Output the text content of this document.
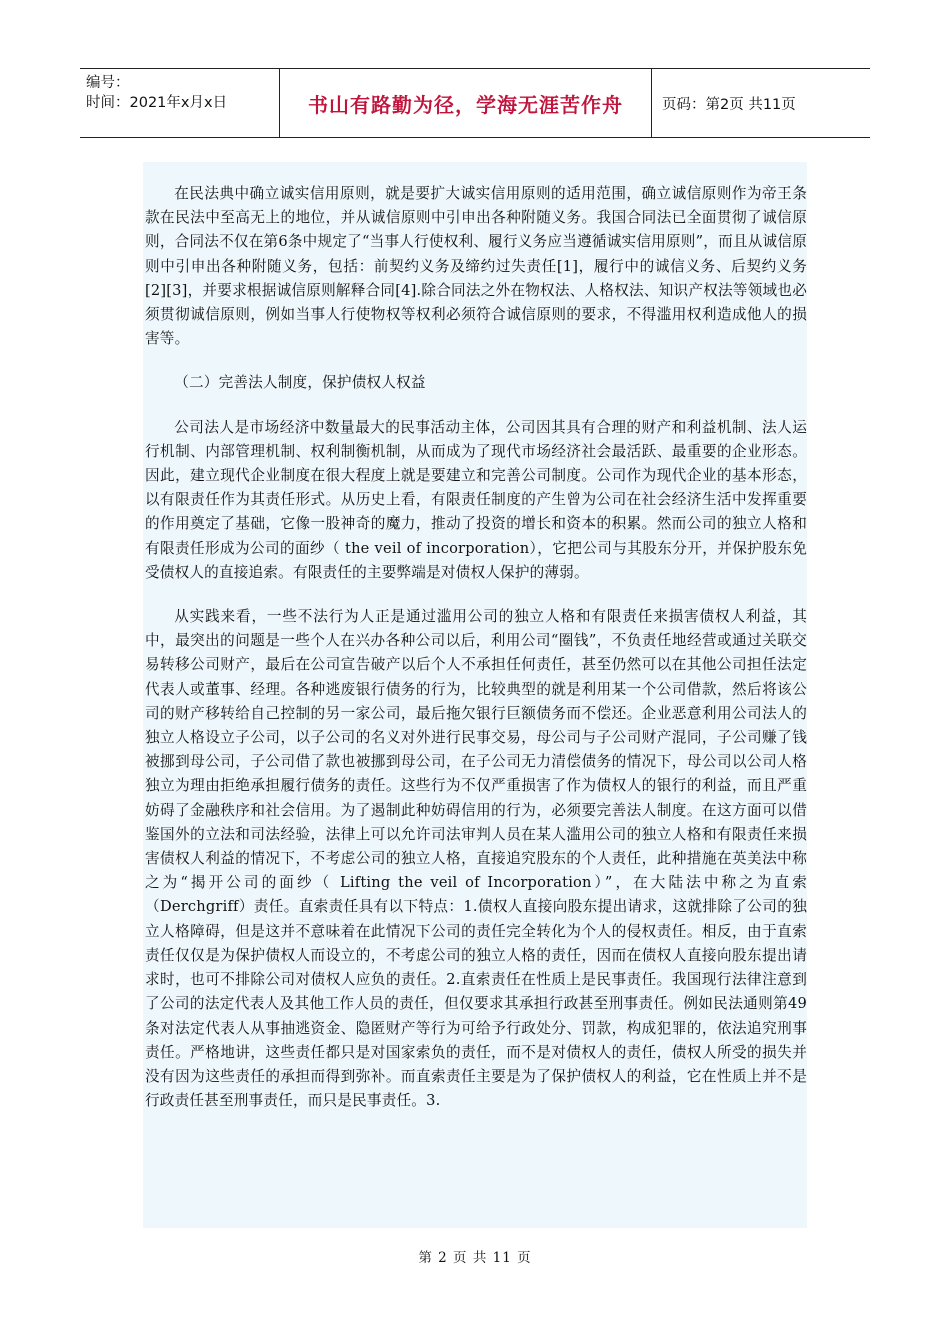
编号：
时间：2021年x月x日	书山有路勤为径，学海无涯苦作舟	页码：第2页 共11页

在民法典中确立诚实信用原则，就是要扩大诚实信用原则的适用范围，确立诚信原则作为帝王条款在民法中至高无上的地位，并从诚信原则中引申出各种附随义务。我国合同法已全面贯彻了诚信原则，合同法不仅在第6条中规定了“当事人行使权利、履行义务应当遵循诚实信用原则”，而且从诚信原则中引申出各种附随义务，包括：前契约义务及缔约过失责任[1]，履行中的诚信义务、后契约义务[2][3]，并要求根据诚信原则解释合同[4].除合同法之外在物权法、人格权法、知识产权法等领域也必须贯彻诚信原则，例如当事人行使物权等权利必须符合诚信原则的要求，不得滥用权利造成他人的损害等。

（二）完善法人制度，保护债权人权益

公司法人是市场经济中数量最大的民事活动主体，公司因其具有合理的财产和利益机制、法人运行机制、内部管理机制、权利制衡机制，从而成为了现代市场经济社会最活跃、最重要的企业形态。因此，建立现代企业制度在很大程度上就是要建立和完善公司制度。公司作为现代企业的基本形态，以有限责任作为其责任形式。从历史上看，有限责任制度的产生曾为公司在社会经济生活中发挥重要的作用奠定了基础，它像一股神奇的魔力，推动了投资的增长和资本的积累。然而公司的独立人格和有限责任形成为公司的面纱（ the veil of incorporation），它把公司与其股东分开，并保护股东免受债权人的直接追索。有限责任的主要弊端是对债权人保护的薄弱。

从实践来看，一些不法行为人正是通过滥用公司的独立人格和有限责任来损害债权人利益，其中，最突出的问题是一些个人在兴办各种公司以后，利用公司“圈钱”，不负责任地经营或通过关联交易转移公司财产，最后在公司宣告破产以后个人不承担任何责任，甚至仍然可以在其他公司担任法定代表人或董事、经理。各种逃废银行债务的行为，比较典型的就是利用某一个公司借款，然后将该公司的财产移转给自己控制的另一家公司，最后拖欠银行巨额债务而不偿还。企业恶意利用公司法人的独立人格设立子公司，以子公司的名义对外进行民事交易，母公司与子公司财产混同，子公司赚了钱被挪到母公司，子公司借了款也被挪到母公司，在子公司无力清偿债务的情况下，母公司以公司人格独立为理由拒绝承担履行债务的责任。这些行为不仅严重损害了作为债权人的银行的利益，而且严重妨碍了金融秩序和社会信用。为了遏制此种妨碍信用的行为，必须要完善法人制度。在这方面可以借鉴国外的立法和司法经验，法律上可以允许司法审判人员在某人滥用公司的独立人格和有限责任来损害债权人利益的情况下，不考虑公司的独立人格，直接追究股东的个人责任，此种措施在英美法中称之为“揭开公司的面纱（ Lifting the veil of Incorporation）”，在大陆法中称之为直索（Derchgriff）责任。直索责任具有以下特点：1.债权人直接向股东提出请求，这就排除了公司的独立人格障碍，但是这并不意味着在此情况下公司的责任完全转化为个人的侵权责任。相反，由于直索责任仅仅是为保护债权人而设立的，不考虑公司的独立人格的责任，因而在债权人直接向股东提出请求时，也可不排除公司对债权人应负的责任。2.直索责任在性质上是民事责任。我国现行法律注意到了公司的法定代表人及其他工作人员的责任，但仅要求其承担行政甚至刑事责任。例如民法通则第49条对法定代表人从事抽逃资金、隐匿财产等行为可给予行政处分、罚款，构成犯罪的，依法追究刑事责任。严格地讲，这些责任都只是对国家索负的责任，而不是对债权人的责任，债权人所受的损失并没有因为这些责任的承担而得到弥补。而直索责任主要是为了保护债权人的利益，它在性质上并不是行政责任甚至刑事责任，而只是民事责任。3.

第 2 页 共 11 页
